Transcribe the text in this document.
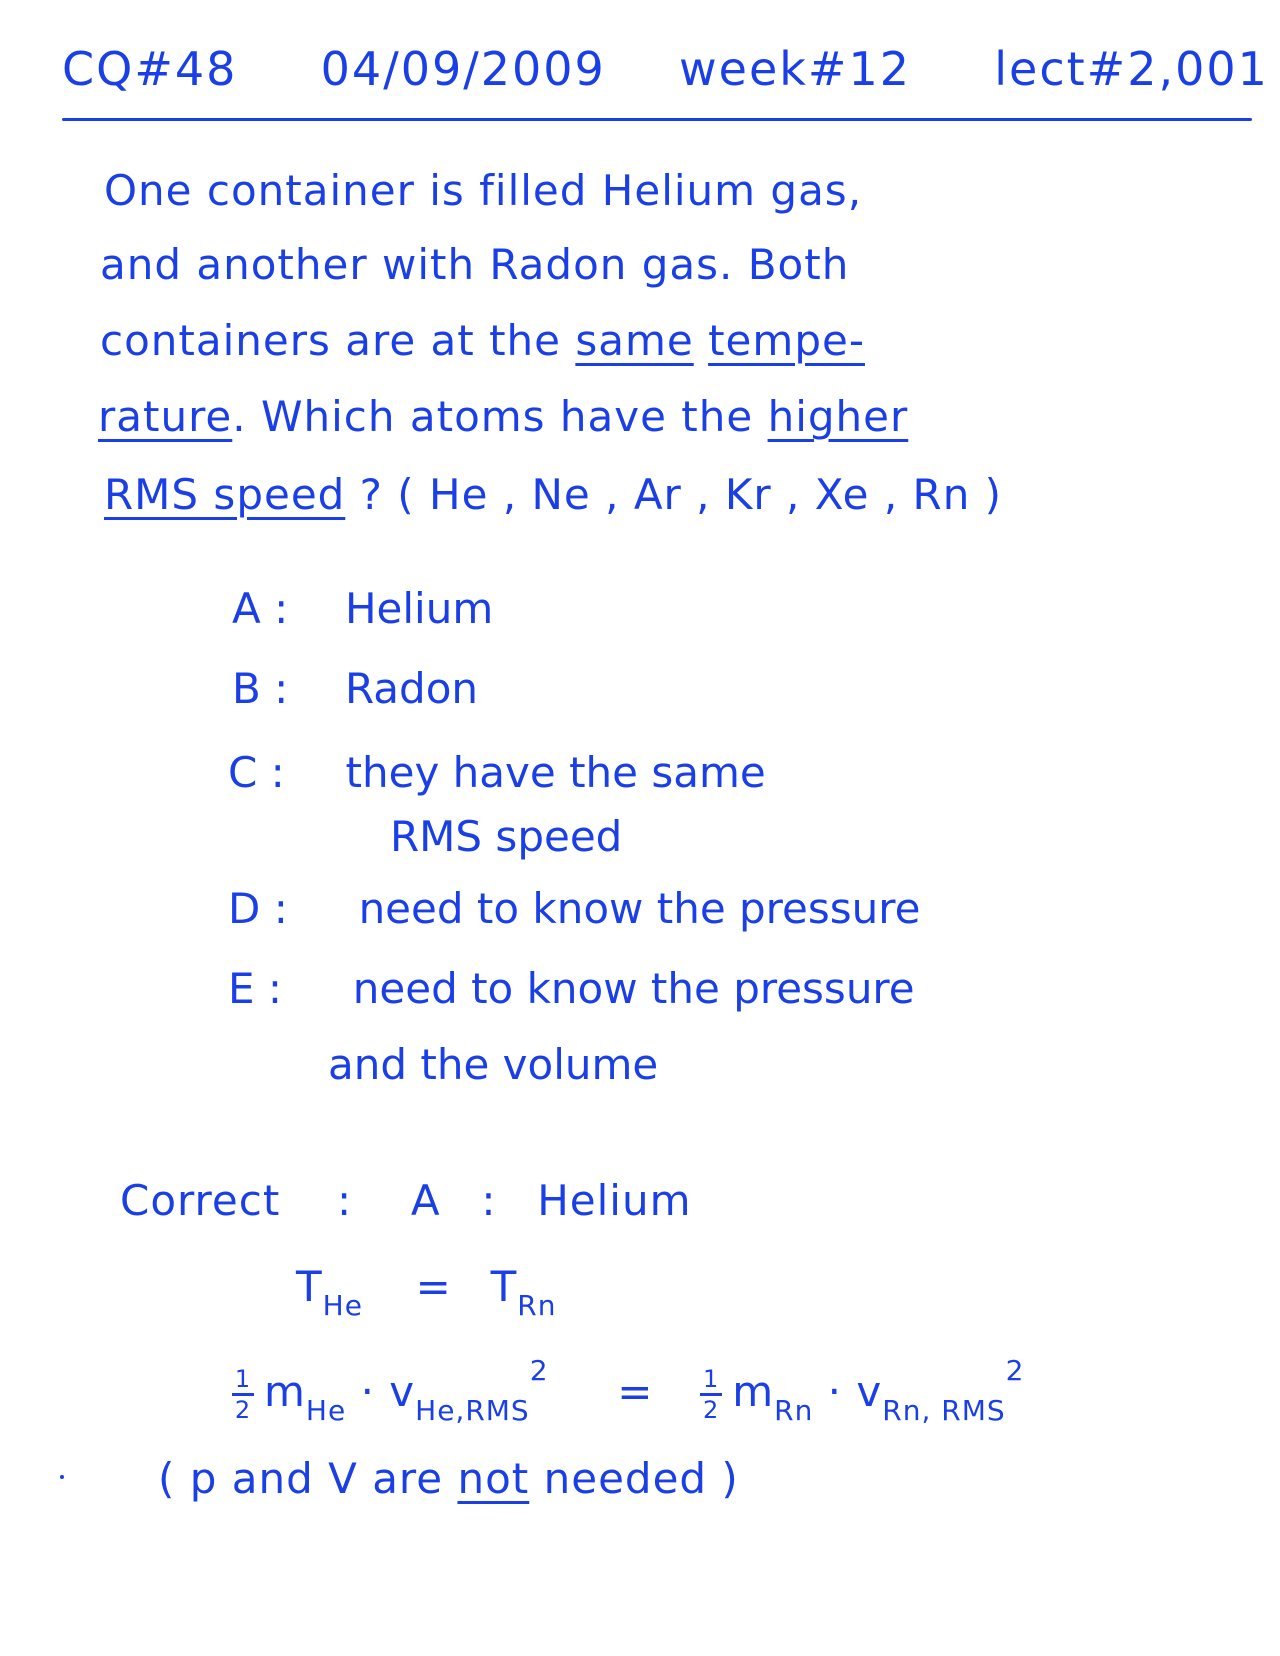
CQ#48 04/09/2009 week#12 lect#2,001
One container is filled Helium gas,
and another with Radon gas. Both
containers are at the same tempe-
rature. Which atoms have the higher
RMS speed ? ( He , Ne , Ar , Kr , Xe , Rn )
A : Helium
B : Radon
C : they have the same
RMS speed
D : need to know the pressure
E : need to know the pressure
and the volume
Correct : A : Helium
$T_{He} = T_{Rn}$
$\frac{1}{2} m_{He} \cdot v_{He,RMS}^2 = \frac{1}{2} m_{Rn} \cdot v_{Rn, RMS}^2$
( p and V are not needed )
